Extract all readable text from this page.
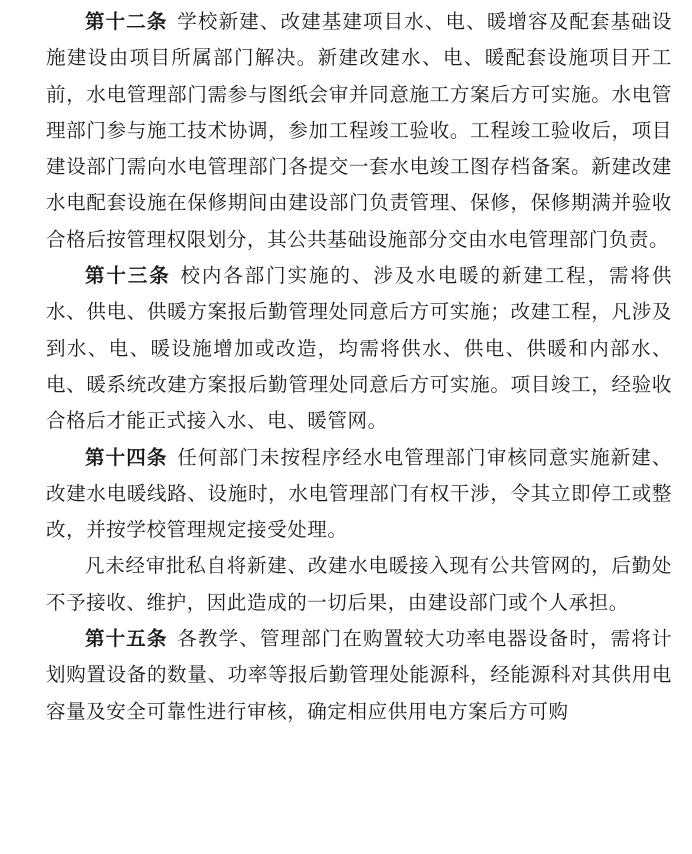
第十二条 学校新建、改建基建项目水、电、暖增容及配套基础设施建设由项目所属部门解决。新建改建水、电、暖配套设施项目开工前，水电管理部门需参与图纸会审并同意施工方案后方可实施。水电管理部门参与施工技术协调，参加工程竣工验收。工程竣工验收后，项目建设部门需向水电管理部门各提交一套水电竣工图存档备案。新建改建水电配套设施在保修期间由建设部门负责管理、保修，保修期满并验收合格后按管理权限划分，其公共基础设施部分交由水电管理部门负责。

第十三条 校内各部门实施的、涉及水电暖的新建工程，需将供水、供电、供暖方案报后勤管理处同意后方可实施；改建工程，凡涉及到水、电、暖设施增加或改造，均需将供水、供电、供暖和内部水、电、暖系统改建方案报后勤管理处同意后方可实施。项目竣工，经验收合格后才能正式接入水、电、暖管网。

第十四条 任何部门未按程序经水电管理部门审核同意实施新建、改建水电暖线路、设施时，水电管理部门有权干涉，令其立即停工或整改，并按学校管理规定接受处理。

凡未经审批私自将新建、改建水电暖接入现有公共管网的，后勤处不予接收、维护，因此造成的一切后果，由建设部门或个人承担。

第十五条 各教学、管理部门在购置较大功率电器设备时，需将计划购置设备的数量、功率等报后勤管理处能源科，经能源科对其供用电容量及安全可靠性进行审核，确定相应供用电方案后方可购
